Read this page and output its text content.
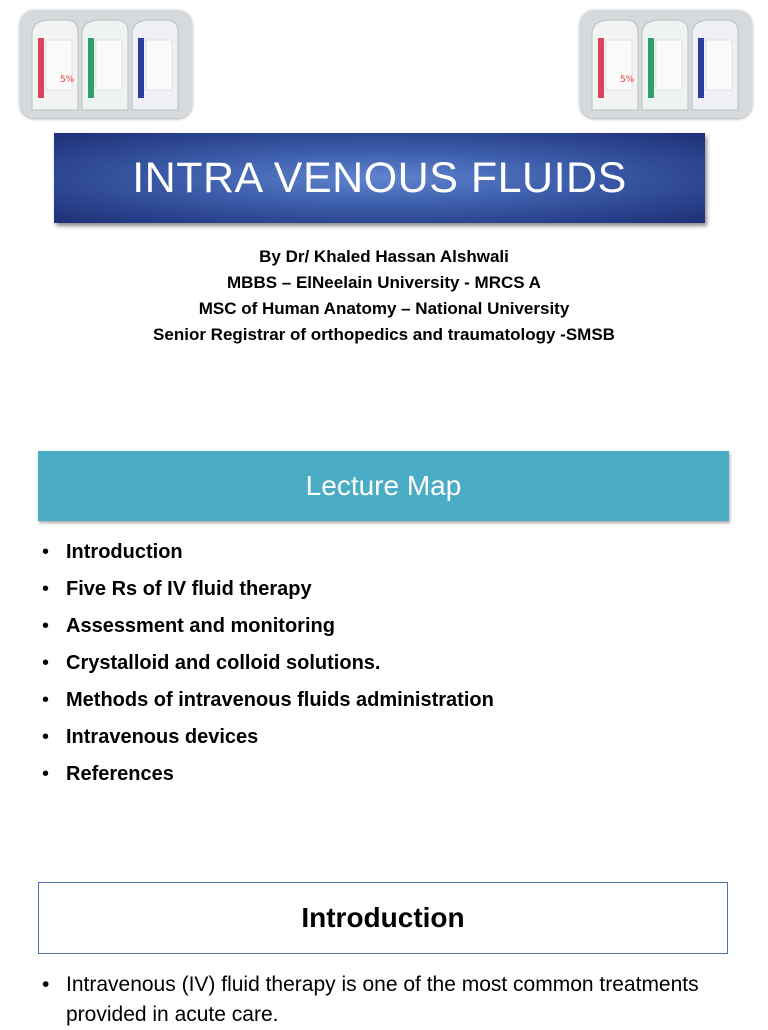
5%	5%
INTRA VENOUS FLUIDS
By Dr/ Khaled Hassan Alshwali
MBBS – ElNeelain University - MRCS A
MSC of Human Anatomy – National University
Senior Registrar of orthopedics and traumatology -SMSB
Lecture Map
• Introduction
• Five Rs of IV fluid therapy
• Assessment and monitoring
• Crystalloid and colloid solutions.
• Methods of intravenous fluids administration
• Intravenous devices
• References
Introduction
• Intravenous (IV) fluid therapy is one of the most common treatments provided in acute care.
